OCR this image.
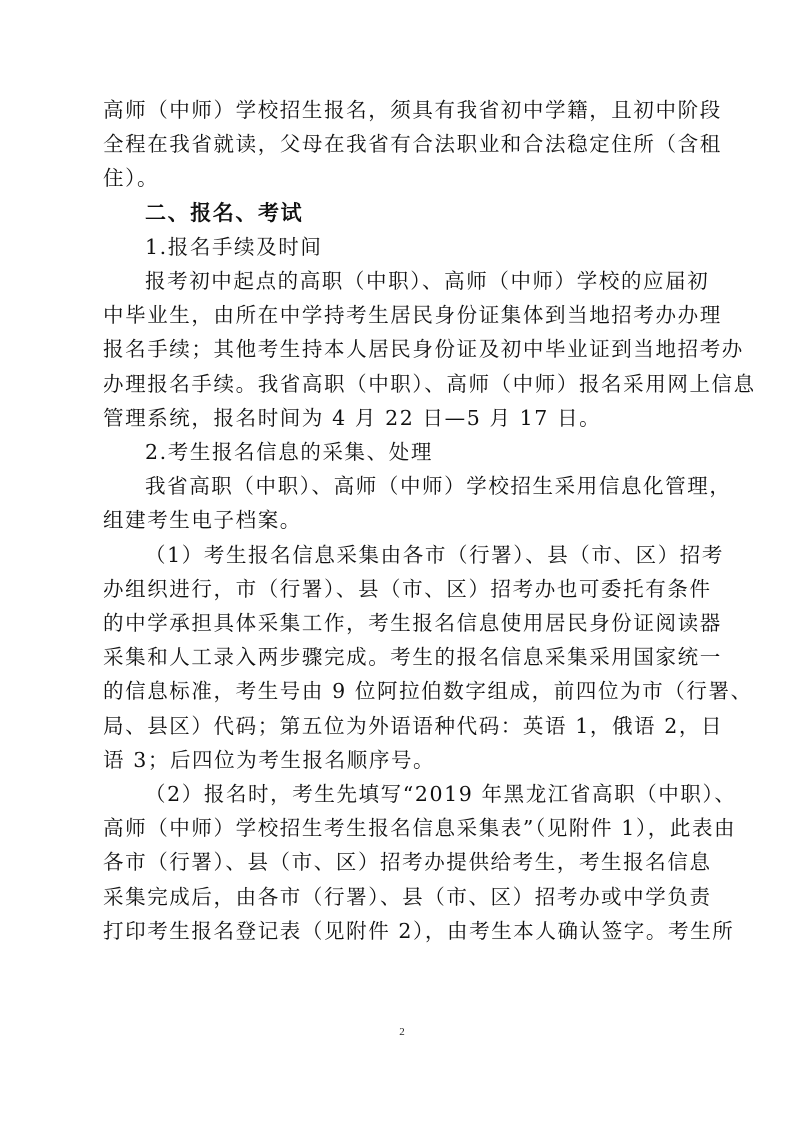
高师（中师）学校招生报名，须具有我省初中学籍，且初中阶段
全程在我省就读，父母在我省有合法职业和合法稳定住所（含租
住）。
二、报名、考试
1.报名手续及时间
报考初中起点的高职（中职）、高师（中师）学校的应届初
中毕业生，由所在中学持考生居民身份证集体到当地招考办办理
报名手续；其他考生持本人居民身份证及初中毕业证到当地招考办
办理报名手续。我省高职（中职）、高师（中师）报名采用网上信息
管理系统，报名时间为 4 月 22 日—5 月 17 日。
2.考生报名信息的采集、处理
我省高职（中职）、高师（中师）学校招生采用信息化管理，
组建考生电子档案。
（1）考生报名信息采集由各市（行署）、县（市、区）招考
办组织进行，市（行署）、县（市、区）招考办也可委托有条件
的中学承担具体采集工作，考生报名信息使用居民身份证阅读器
采集和人工录入两步骤完成。考生的报名信息采集采用国家统一
的信息标准，考生号由 9 位阿拉伯数字组成，前四位为市（行署、
局、县区）代码；第五位为外语语种代码：英语 1，俄语 2，日
语 3；后四位为考生报名顺序号。
（2）报名时，考生先填写“2019 年黑龙江省高职（中职）、
高师（中师）学校招生考生报名信息采集表”（见附件 1），此表由
各市（行署）、县（市、区）招考办提供给考生，考生报名信息
采集完成后，由各市（行署）、县（市、区）招考办或中学负责
打印考生报名登记表（见附件 2），由考生本人确认签字。考生所
2
